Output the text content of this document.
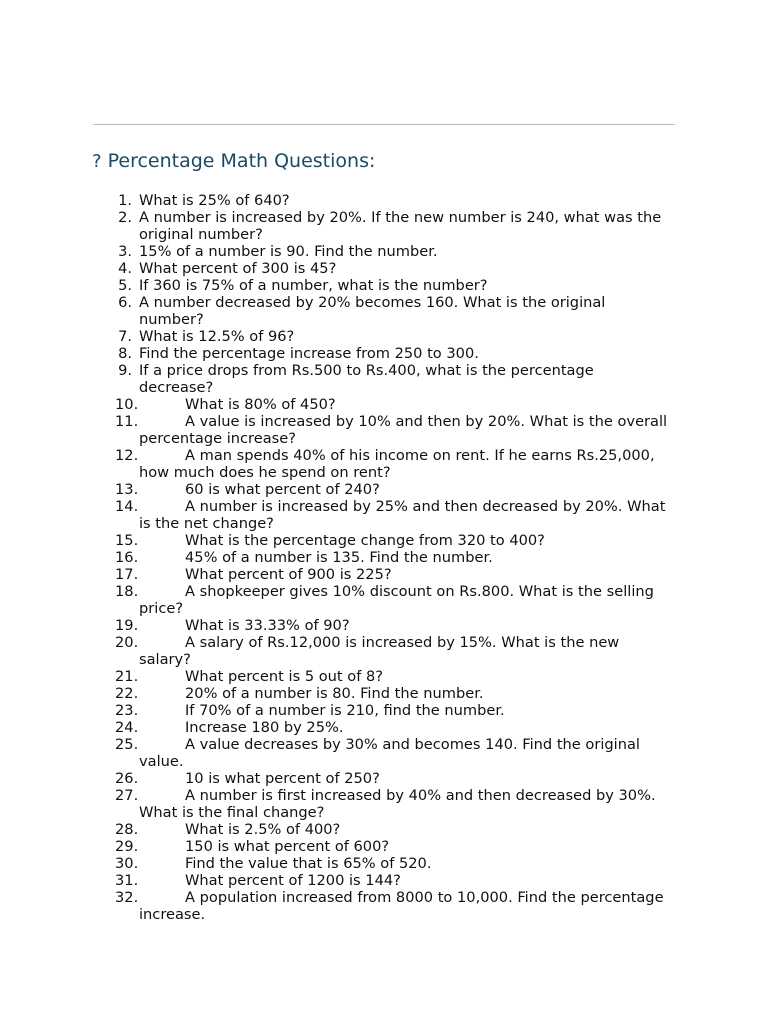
? Percentage Math Questions:
1. What is 25% of 640?
2. A number is increased by 20%. If the new number is 240, what was the original number?
3. 15% of a number is 90. Find the number.
4. What percent of 300 is 45?
5. If 360 is 75% of a number, what is the number?
6. A number decreased by 20% becomes 160. What is the original number?
7. What is 12.5% of 96?
8. Find the percentage increase from 250 to 300.
9. If a price drops from Rs.500 to Rs.400, what is the percentage decrease?
10.	What is 80% of 450?
11.	A value is increased by 10% and then by 20%. What is the overall percentage increase?
12.	A man spends 40% of his income on rent. If he earns Rs.25,000, how much does he spend on rent?
13.	60 is what percent of 240?
14.	A number is increased by 25% and then decreased by 20%. What is the net change?
15.	What is the percentage change from 320 to 400?
16.	45% of a number is 135. Find the number.
17.	What percent of 900 is 225?
18.	A shopkeeper gives 10% discount on Rs.800. What is the selling price?
19.	What is 33.33% of 90?
20.	A salary of Rs.12,000 is increased by 15%. What is the new salary?
21.	What percent is 5 out of 8?
22.	20% of a number is 80. Find the number.
23.	If 70% of a number is 210, find the number.
24.	Increase 180 by 25%.
25.	A value decreases by 30% and becomes 140. Find the original value.
26.	10 is what percent of 250?
27.	A number is first increased by 40% and then decreased by 30%. What is the final change?
28.	What is 2.5% of 400?
29.	150 is what percent of 600?
30.	Find the value that is 65% of 520.
31.	What percent of 1200 is 144?
32.	A population increased from 8000 to 10,000. Find the percentage increase.
